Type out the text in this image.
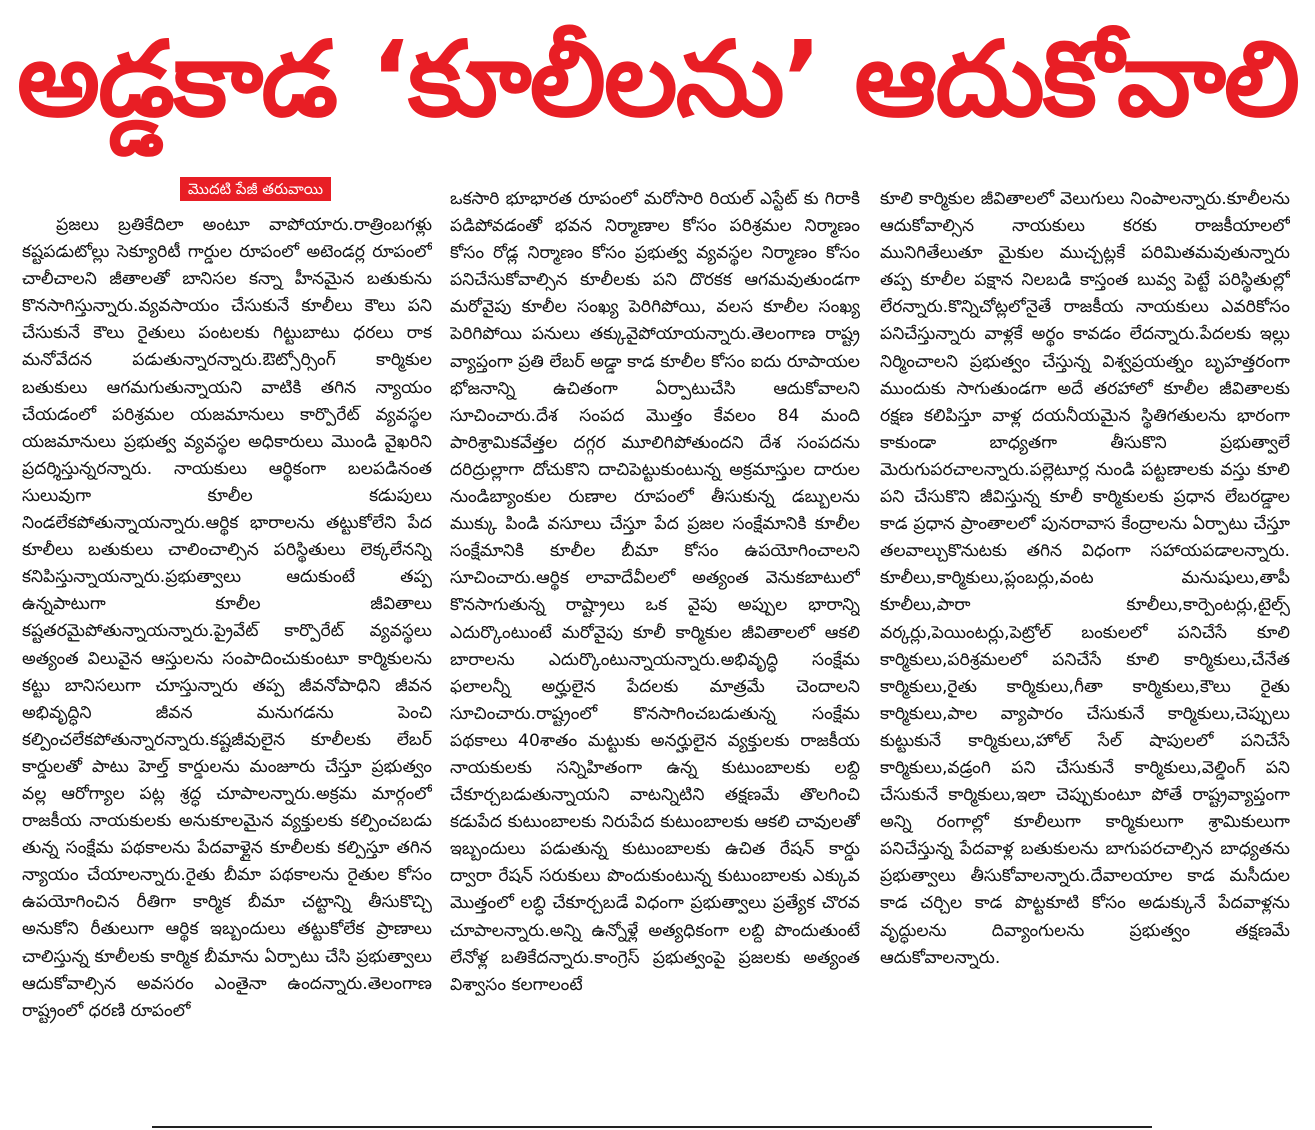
అడ్డకాడ ‘కూలీలను’ ఆదుకోవాలి
మొదటి పేజీ తరువాయి
ప్రజలు బ్రతికేదిలా అంటూ వాపోయారు.రాత్రింబగళ్లు కష్టపడుటోల్లు సెక్యూరిటీ గార్డుల రూపంలో అటెండర్ల రూపంలో చాలీచాలని జీతాలతో బానిసల కన్నా హీనమైన బతుకును కొనసాగిస్తున్నారు.వ్యవసాయం చేసుకునే కూలీలు కౌలు పని చేసుకునే కౌలు రైతులు పంటలకు గిట్టుబాటు ధరలు రాక మనోవేదన పడుతున్నారన్నారు.ఔట్సోర్సింగ్ కార్మికుల బతుకులు ఆగమగుతున్నాయని వాటికి తగిన న్యాయం చేయడంలో పరిశ్రమల యజమానులు కార్పొరేట్ వ్యవస్థల యజమానులు ప్రభుత్వ వ్యవస్థల అధికారులు మొండి వైఖరిని ప్రదర్శిస్తున్నరన్నారు. నాయకులు ఆర్థికంగా బలపడినంత సులువుగా కూలీల కడుపులు నిండలేకపోతున్నాయన్నారు.ఆర్థిక భారాలను తట్టుకోలేని పేద కూలీలు బతుకులు చాలించాల్సిన పరిస్థితులు లెక్కలేనన్ని కనిపిస్తున్నాయన్నారు.ప్రభుత్వాలు ఆదుకుంటే తప్ప ఉన్నపాటుగా కూలీల జీవితాలు కష్టతరమైపోతున్నాయన్నారు.ప్రైవేట్ కార్పొరేట్ వ్యవస్థలు అత్యంత విలువైన ఆస్తులను సంపాదించుకుంటూ కార్మికులను కట్టు బానిసలుగా చూస్తున్నారు తప్ప జీవనోపాధిని జీవన అభివృద్ధిని జీవన మనుగడను పెంచి కల్పించలేకపోతున్నారన్నారు.కష్టజీవులైన కూలీలకు లేబర్ కార్డులతో పాటు హెల్త్ కార్డులను మంజూరు చేస్తూ ప్రభుత్వం వల్ల ఆరోగ్యాల పట్ల శ్రద్ధ చూపాలన్నారు.అక్రమ మార్గంలో రాజకీయ నాయకులకు అనుకూలమైన వ్యక్తులకు కల్పించబడు తున్న సంక్షేమ పథకాలను పేదవాళ్లైన కూలీలకు కల్పిస్తూ తగిన న్యాయం చేయాలన్నారు.రైతు బీమా పథకాలను రైతుల కోసం ఉపయోగించిన రీతిగా కార్మిక బీమా చట్టాన్ని తీసుకొచ్చి అనుకోని రీతులుగా ఆర్థిక ఇబ్బందులు తట్టుకోలేక ప్రాణాలు చాలిస్తున్న కూలీలకు కార్మిక బీమాను ఏర్పాటు చేసి ప్రభుత్వాలు ఆదుకోవాల్సిన అవసరం ఎంతైనా ఉందన్నారు.తెలంగాణ రాష్ట్రంలో ధరణి రూపంలో
ఒకసారి భూభారత రూపంలో మరోసారి రియల్ ఎస్టేట్ కు గిరాకి పడిపోవడంతో భవన నిర్మాణాల కోసం పరిశ్రమల నిర్మాణం కోసం రోడ్ల నిర్మాణం కోసం ప్రభుత్వ వ్యవస్థల నిర్మాణం కోసం పనిచేసుకోవాల్సిన కూలీలకు పని దొరకక ఆగమవుతుండగా మరోవైపు కూలీల సంఖ్య పెరిగిపోయి, వలస కూలీల సంఖ్య పెరిగిపోయి పనులు తక్కువైపోయాయన్నారు.తెలంగాణ రాష్ట్ర వ్యాప్తంగా ప్రతి లేబర్ అడ్డా కాడ కూలీల కోసం ఐదు రూపాయల భోజనాన్ని ఉచితంగా ఏర్పాటుచేసి ఆదుకోవాలని సూచించారు.దేశ సంపద మొత్తం కేవలం 84 మంది పారిశ్రామికవేత్తల దగ్గర మూలిగిపోతుందని దేశ సంపదను దరిద్రుల్లాగా దోచుకొని దాచిపెట్టుకుంటున్న అక్రమాస్తుల దారుల నుండిబ్యాంకుల రుణాల రూపంలో తీసుకున్న డబ్బులను ముక్కు పిండి వసూలు చేస్తూ పేద ప్రజల సంక్షేమానికి కూలీల సంక్షేమానికి కూలీల బీమా కోసం ఉపయోగించాలని సూచించారు.ఆర్థిక లావాదేవీలలో అత్యంత వెనుకబాటులో కొనసాగుతున్న రాష్ట్రాలు ఒక వైపు అప్పుల భారాన్ని ఎదుర్కొంటుంటే మరోవైపు కూలీ కార్మికుల జీవితాలలో ఆకలి బారాలను ఎదుర్కొంటున్నాయన్నారు.అభివృద్ధి సంక్షేమ ఫలాలన్నీ అర్హులైన పేదలకు మాత్రమే చెందాలని సూచించారు.రాష్ట్రంలో కొనసాగించబడుతున్న సంక్షేమ పథకాలు 40శాతం మట్టుకు అనర్హులైన వ్యక్తులకు రాజకీయ నాయకులకు సన్నిహితంగా ఉన్న కుటుంబాలకు లబ్ది చేకూర్చబడుతున్నాయని వాటన్నిటిని తక్షణమే తొలగించి కడుపేద కుటుంబాలకు నిరుపేద కుటుంబాలకు ఆకలి చావులతో ఇబ్బందులు పడుతున్న కుటుంబాలకు ఉచిత రేషన్ కార్డు ద్వారా రేషన్ సరుకులు పొందుకుంటున్న కుటుంబాలకు ఎక్కువ మొత్తంలో లబ్ధి చేకూర్చబడే విధంగా ప్రభుత్వాలు ప్రత్యేక చొరవ చూపాలన్నారు.అన్ని ఉన్నోళ్లే అత్యధికంగా లబ్ది పొందుతుంటే లేనోళ్ల బతికేదన్నారు.కాంగ్రెస్ ప్రభుత్వంపై ప్రజలకు అత్యంత విశ్వాసం కలగాలంటే
కూలి కార్మికుల జీవితాలలో వెలుగులు నింపాలన్నారు.కూలీలను ఆదుకోవాల్సిన నాయకులు కరకు రాజకీయాలలో మునిగితేలుతూ మైకుల ముచ్చట్లకే పరిమితమవుతున్నారు తప్ప కూలీల పక్షాన నిలబడి కాస్తంత బువ్వ పెట్టే పరిస్థితుల్లో లేరన్నారు.కొన్నిచోట్లలోనైతే రాజకీయ నాయకులు ఎవరికోసం పనిచేస్తున్నారు వాళ్లకే అర్థం కావడం లేదన్నారు.పేదలకు ఇల్లు నిర్మించాలని ప్రభుత్వం చేస్తున్న విశ్వప్రయత్నం బృహత్తరంగా ముందుకు సాగుతుండగా అదే తరహాలో కూలీల జీవితాలకు రక్షణ కలిపిస్తూ వాళ్ల దయనీయమైన స్థితిగతులను భారంగా కాకుండా బాధ్యతగా తీసుకొని ప్రభుత్వాలే మెరుగుపరచాలన్నారు.పల్లెటూర్ల నుండి పట్టణాలకు వస్తు కూలి పని చేసుకొని జీవిస్తున్న కూలీ కార్మికులకు ప్రధాన లేబరడ్డాల కాడ ప్రధాన ప్రాంతాలలో పునరావాస కేంద్రాలను ఏర్పాటు చేస్తూ తలవాల్చుకొనుటకు తగిన విధంగా సహాయపడాలన్నారు. కూలీలు,కార్మికులు,ప్లంబర్లు,వంట మనుషులు,తాపీ కూలీలు,పారా కూలీలు,కార్పెంటర్లు,టైల్స్ వర్కర్లు,పెయింటర్లు,పెట్రోల్ బంకులలో పనిచేసే కూలి కార్మికులు,పరిశ్రమలలో పనిచేసే కూలి కార్మికులు,చేనేత కార్మికులు,రైతు కార్మికులు,గీతా కార్మికులు,కౌలు రైతు కార్మికులు,పాల వ్యాపారం చేసుకునే కార్మికులు,చెప్పులు కుట్టుకునే కార్మికులు,హోల్ సేల్ షాపులలో పనిచేసే కార్మికులు,వడ్రంగి పని చేసుకునే కార్మికులు,వెల్డింగ్ పని చేసుకునే కార్మికులు,ఇలా చెప్పుకుంటూ పోతే రాష్ట్రవ్యాప్తంగా అన్ని రంగాల్లో కూలీలుగా కార్మికులుగా శ్రామికులుగా పనిచేస్తున్న పేదవాళ్ల బతుకులను బాగుపరచాల్సిన బాధ్యతను ప్రభుత్వాలు తీసుకోవాలన్నారు.దేవాలయాల కాడ మసీదుల కాడ చర్చిల కాడ పొట్టకూటి కోసం అడుక్కునే పేదవాళ్లను వృద్ధులను దివ్యాంగులను ప్రభుత్వం తక్షణమే ఆదుకోవాలన్నారు.
